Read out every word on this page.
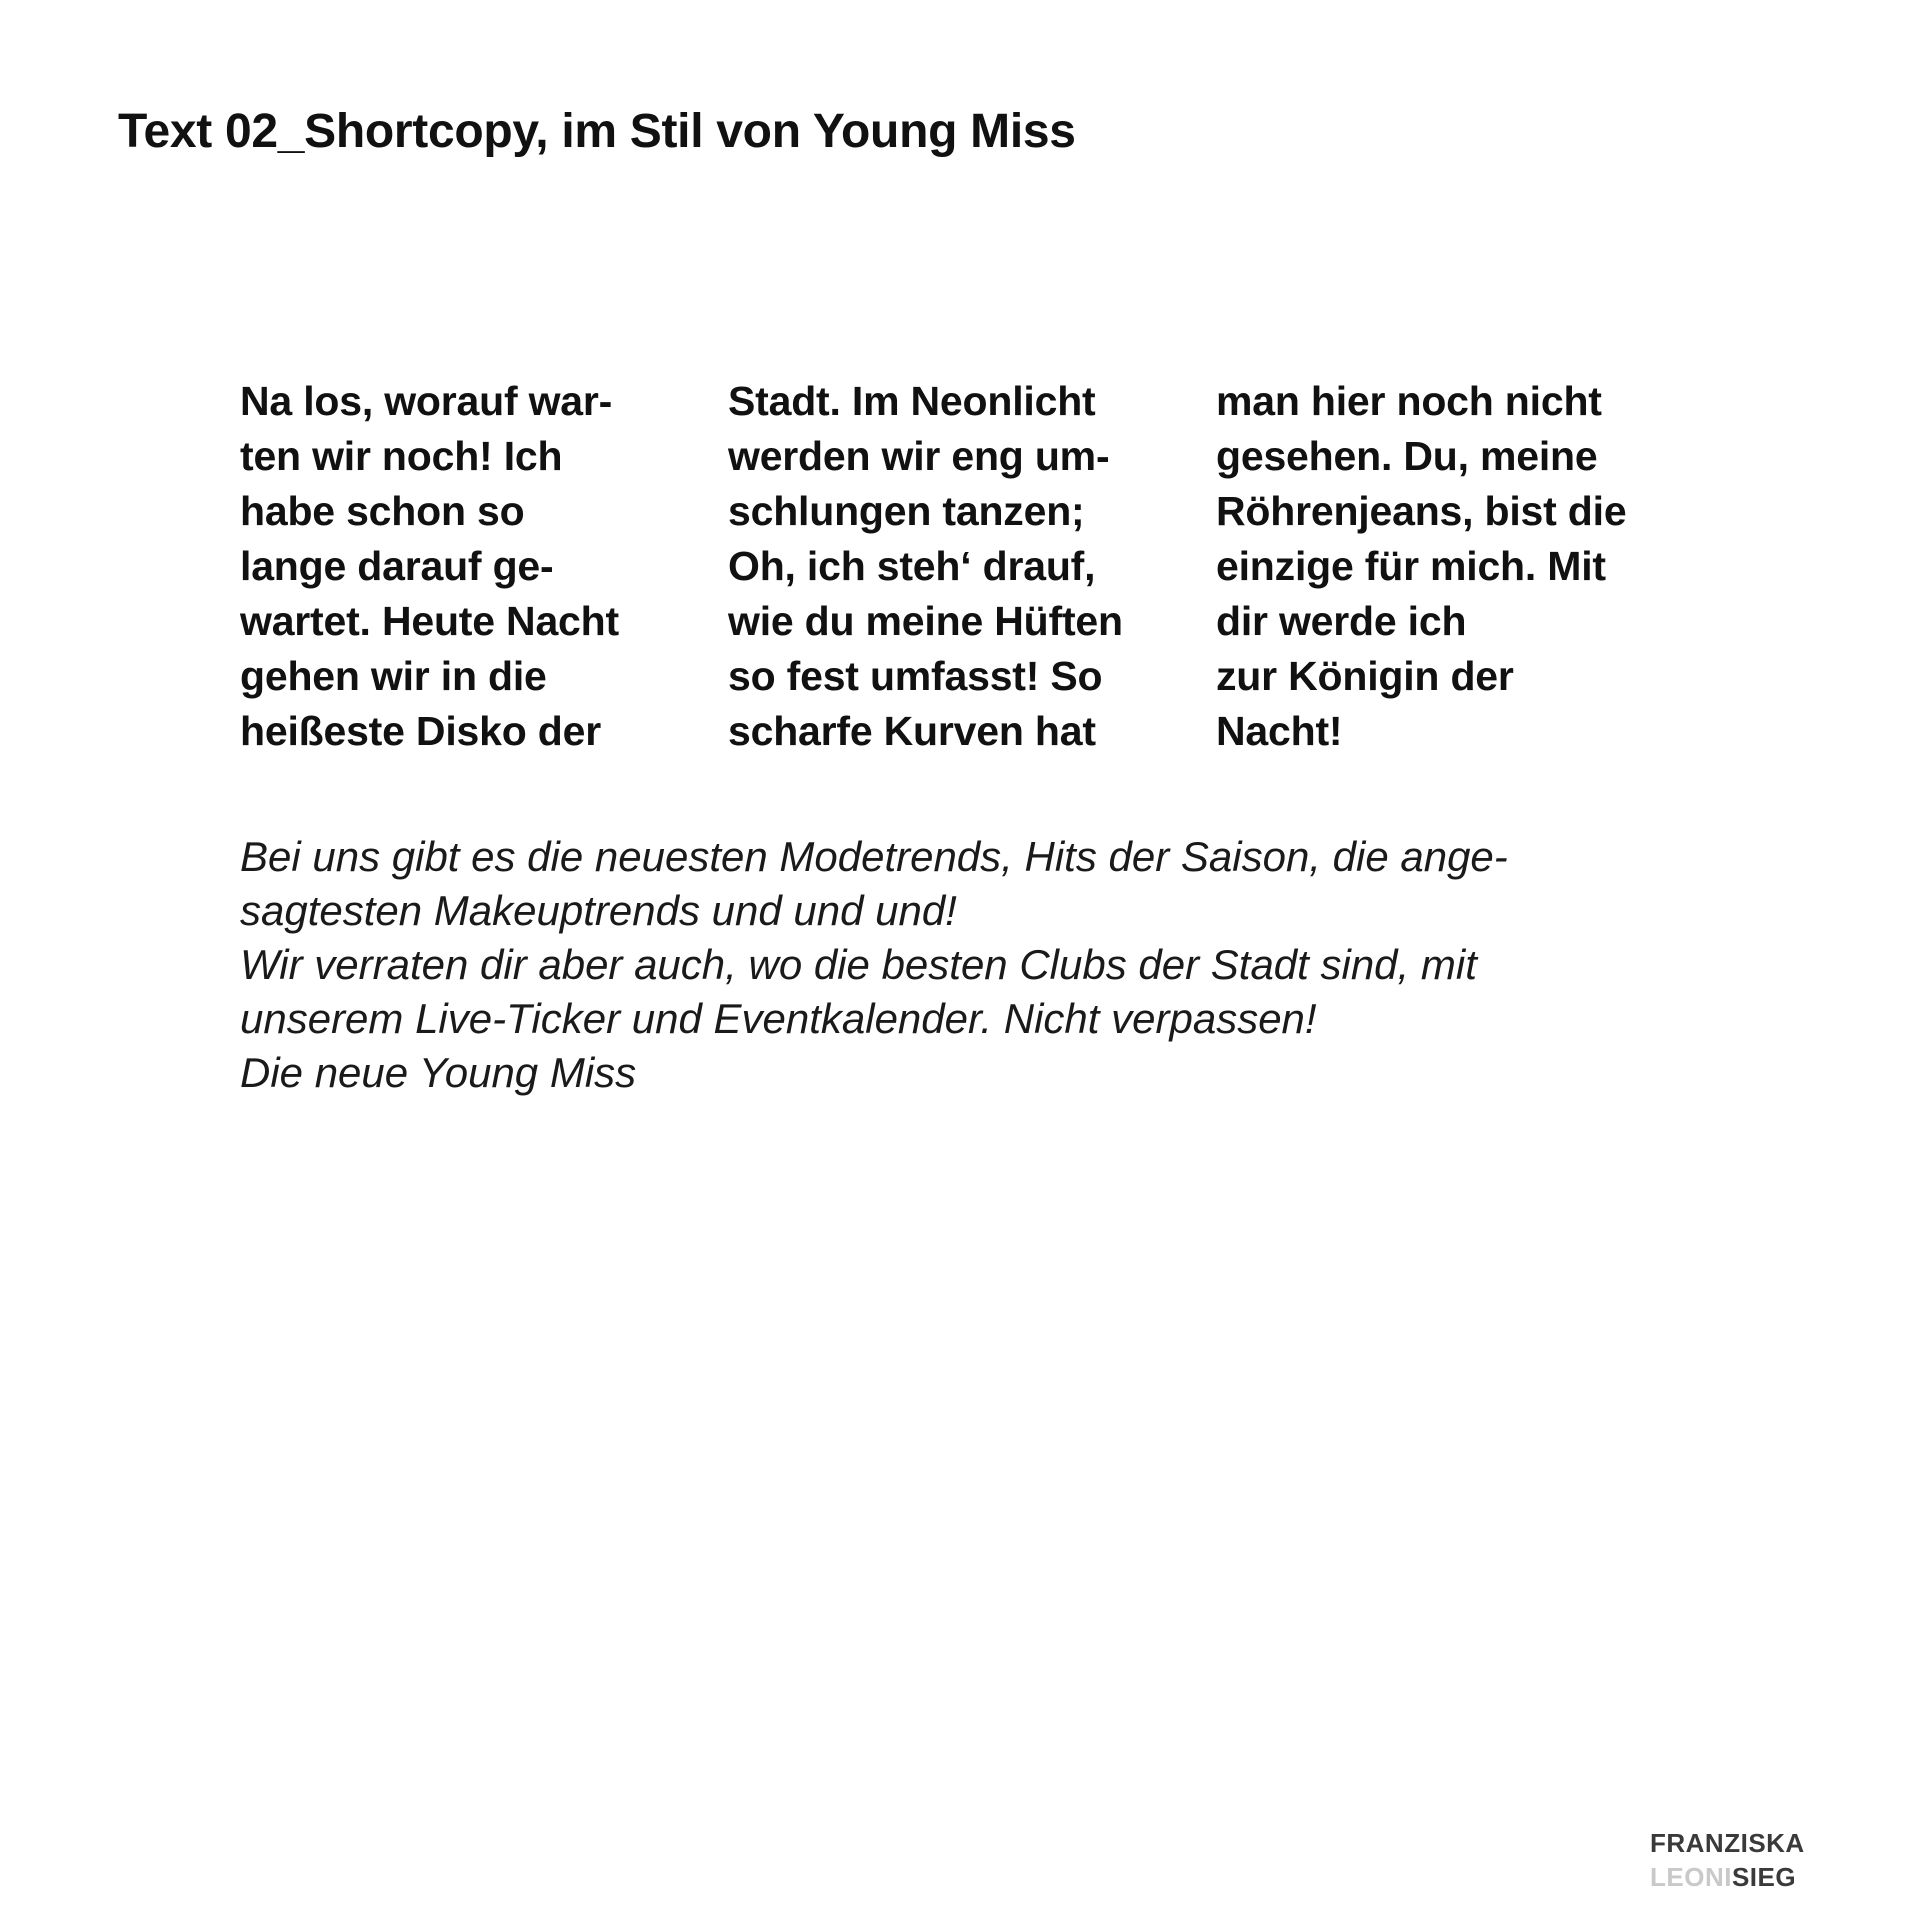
Text 02_Shortcopy, im Stil von Young Miss
Na los, worauf war-
ten wir noch! Ich
habe schon so
lange darauf ge-
wartet. Heute Nacht
gehen wir in die
heißeste Disko der
Stadt. Im Neonlicht
werden wir eng um-
schlungen tanzen;
Oh, ich steh‘ drauf,
wie du meine Hüften
so fest umfasst! So
scharfe Kurven hat
man hier noch nicht
gesehen. Du, meine
Röhrenjeans, bist die
einzige für mich. Mit
dir werde ich
zur Königin der
Nacht!
Bei uns gibt es die neuesten Modetrends, Hits der Saison, die ange-
sagtesten Makeuptrends und und und!
Wir verraten dir aber auch, wo die besten Clubs der Stadt sind, mit
unserem Live-Ticker und Eventkalender. Nicht verpassen!
Die neue Young Miss
FRANZISKA
LEONISIEG
